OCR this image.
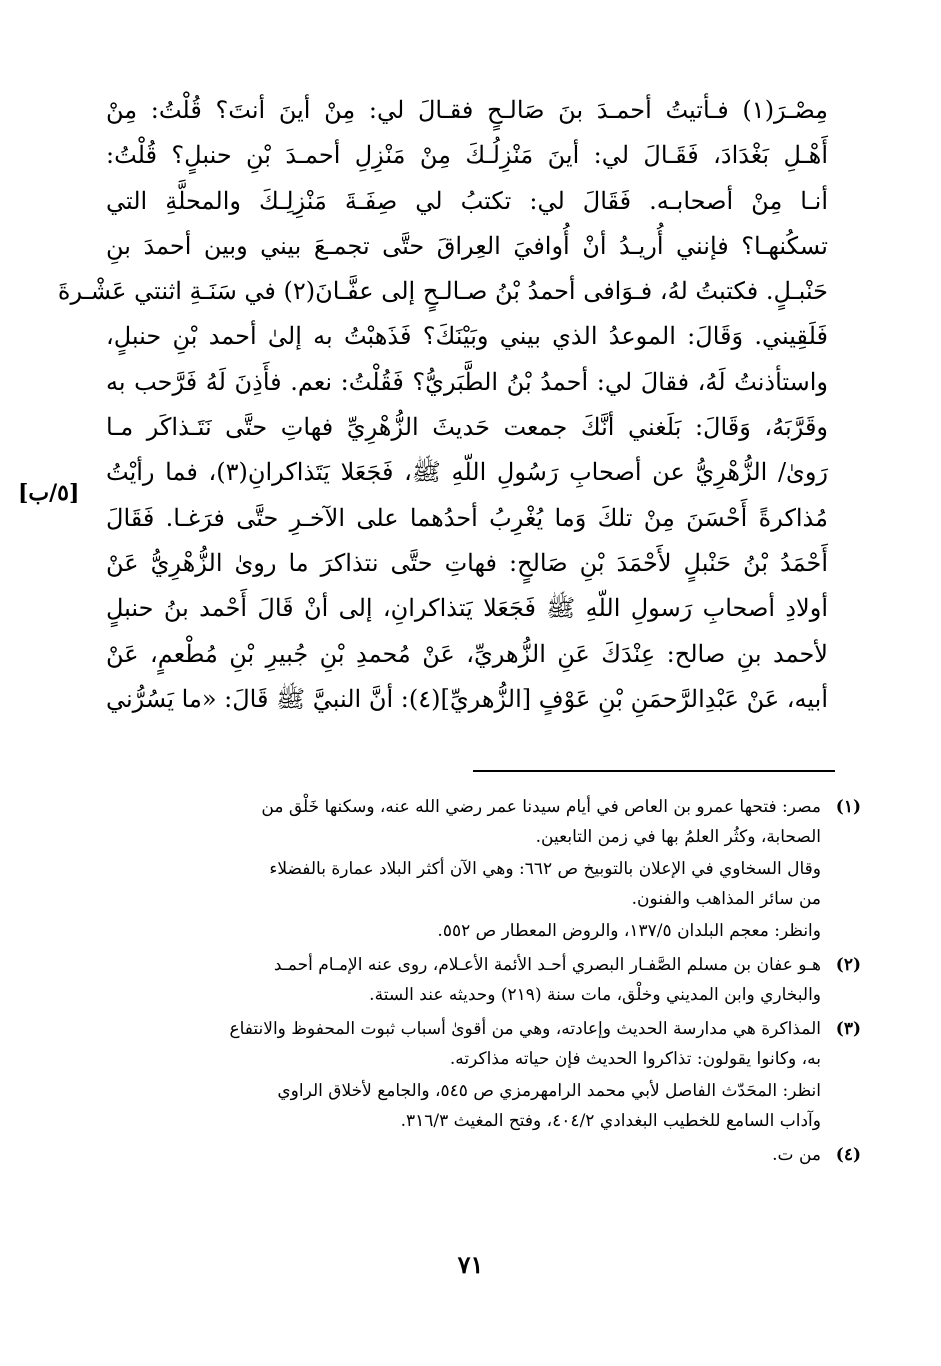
مِصْـرَ(١) فـأتيتُ أحمـدَ بنَ صَالـحٍ فقـالَ لي: مِنْ أينَ أنتَ؟ قُلْتُ: مِنْ
أَهْـلِ بَغْدَادَ، فَقَـالَ لي: أينَ مَنْزِلُـكَ مِنْ مَنْزِلِ أحمـدَ بْنِ حنبلٍ؟ قُلْتُ:
أنـا مِنْ أصحابـه. فَقَالَ لي: تكتبُ لي صِفَـةَ مَنْزِلِـكَ والمحلَّةِ التي
تسكُنهـا؟ فإنني أُريـدُ أنْ أُوافيَ العِراقَ حتَّى تجمـعَ بيني وبين أحمدَ بنِ
حَنْبـلٍ. فكتبتُ لهُ، فـوَافى أحمدُ بْنُ صـالـحٍ إلى عفَّـانَ(٢) في سَنَـةِ اثنتي عَشْـرةَ
فَلَقِيني. وَقَالَ: الموعدُ الذي بيني وبَيْنَكَ؟ فَذَهبْتُ به إلىٰ أحمد بْنِ حنبلٍ،
واستأذنتُ لَهُ، فقالَ لي: أحمدُ بْنُ الطَّبَريُّ؟ فَقُلْتُ: نعم. فأَذِنَ لَهُ فَرَّحب به
وقَرَّبَهُ، وَقَالَ: بَلَغني أنَّكَ جمعت حَديثَ الزُّهْرِيِّ فهاتِ حتَّى نَتَـذاكَر مـا
رَوىٰ/ الزُّهْرِيُّ عن أصحابِ رَسُولِ اللّهِ ﷺ، فَجَعَلا يَتَذاكرانِ(٣)، فما رأيْتُ
مُذاكرةً أَحْسَنَ مِنْ تلكَ وَما يُغْرِبُ أحدُهما على الآخـرِ حتَّى فرَغـا. فَقَالَ
أَحْمَدُ بْنُ حَنْبلٍ لأَحْمَدَ بْنِ صَالحٍ: فهاتِ حتَّى نتذاكرَ ما روىٰ الزُّهْرِيُّ عَنْ
أولادِ أصحابِ رَسولِ اللّهِ ﷺ فَجَعَلا يَتذاكرانِ، إلى أنْ قَالَ أَحْمد بنُ حنبلٍ
لأحمد بنِ صالح: عِنْدَكَ عَنِ الزُّهريِّ، عَنْ مُحمدِ بْنِ جُبيرِ بْنِ مُطْعمٍ، عَنْ
أبيه، عَنْ عَبْدِالرَّحمَنِ بْنِ عَوْفٍ [الزُّهريِّ](٤): أنَّ النبيَّ ﷺ قَالَ: «ما يَسُرُّني
[٥/ب]
(١)
مصر: فتحها عمرو بن العاص في أيام سيدنا عمر رضي الله عنه، وسكنها خَلْق من
الصحابة، وكثُر العلمُ بها في زمن التابعين.
وقال السخاوي في الإعلان بالتوبيخ ص ٦٦٢: وهي الآن أكثر البلاد عمارة بالفضلاء
من سائر المذاهب والفنون.
وانظر: معجم البلدان ١٣٧/٥، والروض المعطار ص ٥٥٢.
(٢)
هـو عفان بن مسلم الصَّفـار البصري أحـد الأئمة الأعـلام، روى عنه الإمـام أحمـد
والبخاري وابن المديني وخلْق، مات سنة (٢١٩) وحديثه عند الستة.
(٣)
المذاكرة هي مدارسة الحديث وإعادته، وهي من أقوىٰ أسباب ثبوت المحفوظ والانتفاع
به، وكانوا يقولون: تذاكروا الحديث فإن حياته مذاكرته.
انظر: المحَدّث الفاصل لأبي محمد الرامهرمزي ص ٥٤٥، والجامع لأخلاق الراوي
وآداب السامع للخطيب البغدادي ٤٠٤/٢، وفتح المغيث ٣١٦/٣.
(٤)
من ت.
٧١
